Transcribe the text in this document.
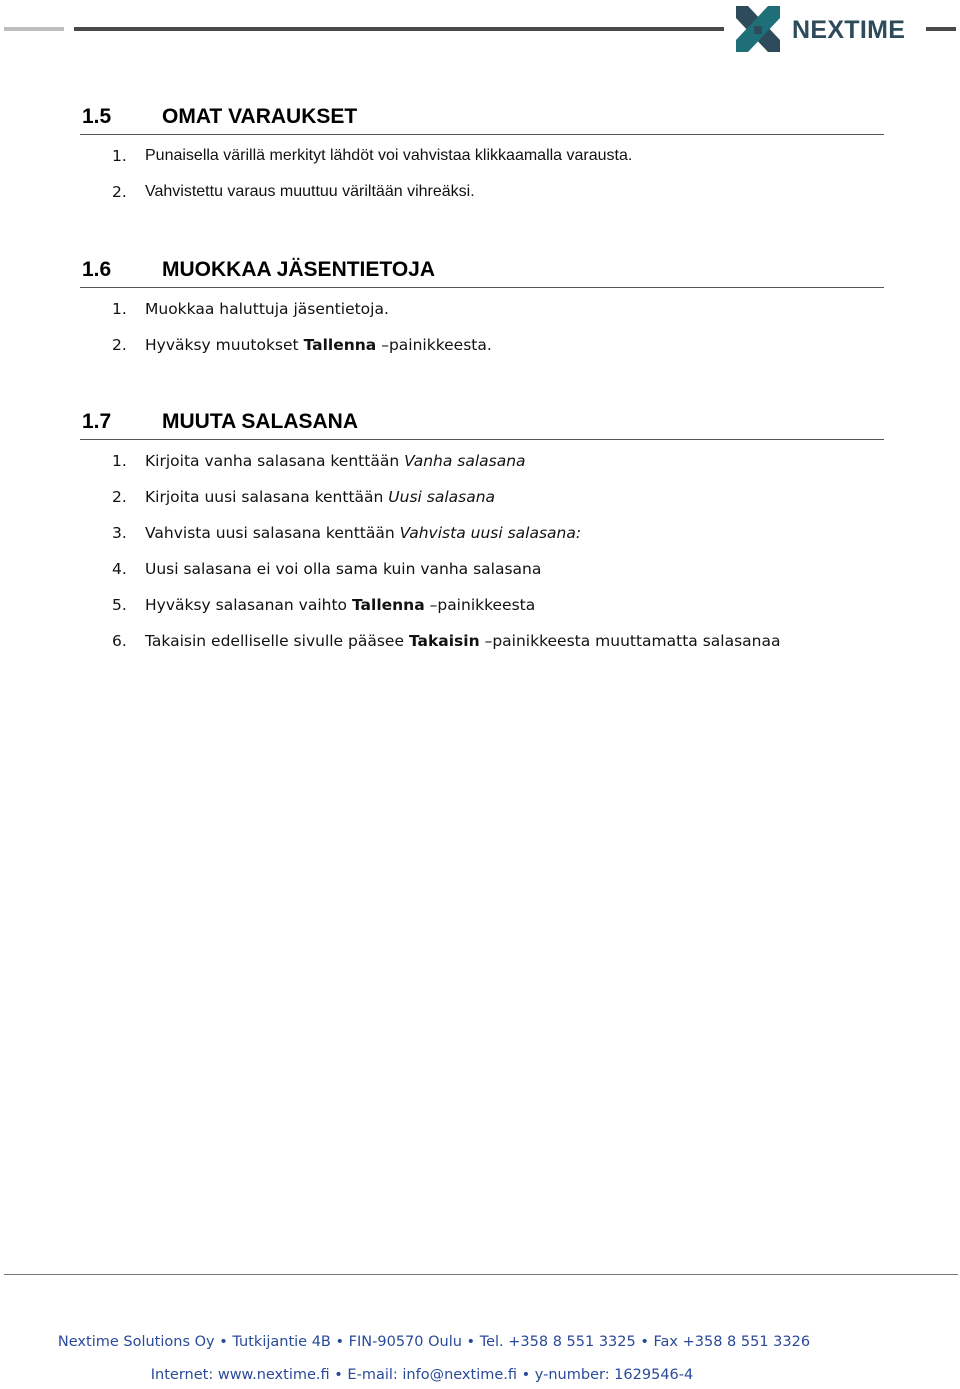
NEXTIME
1.5 OMAT VARAUKSET
1. Punaisella värillä merkityt lähdöt voi vahvistaa klikkaamalla varausta.
2. Vahvistettu varaus muuttuu väriltään vihreäksi.
1.6 MUOKKAA JÄSENTIETOJA
1. Muokkaa haluttuja jäsentietoja.
2. Hyväksy muutokset Tallenna –painikkeesta.
1.7 MUUTA SALASANA
1. Kirjoita vanha salasana kenttään Vanha salasana
2. Kirjoita uusi salasana kenttään Uusi salasana
3. Vahvista uusi salasana kenttään Vahvista uusi salasana:
4. Uusi salasana ei voi olla sama kuin vanha salasana
5. Hyväksy salasanan vaihto Tallenna –painikkeesta
6. Takaisin edelliselle sivulle pääsee Takaisin –painikkeesta muuttamatta salasanaa
Nextime Solutions Oy • Tutkijantie 4B • FIN-90570 Oulu • Tel. +358 8 551 3325 • Fax +358 8 551 3326
Internet: www.nextime.fi • E-mail: info@nextime.fi • y-number: 1629546-4
